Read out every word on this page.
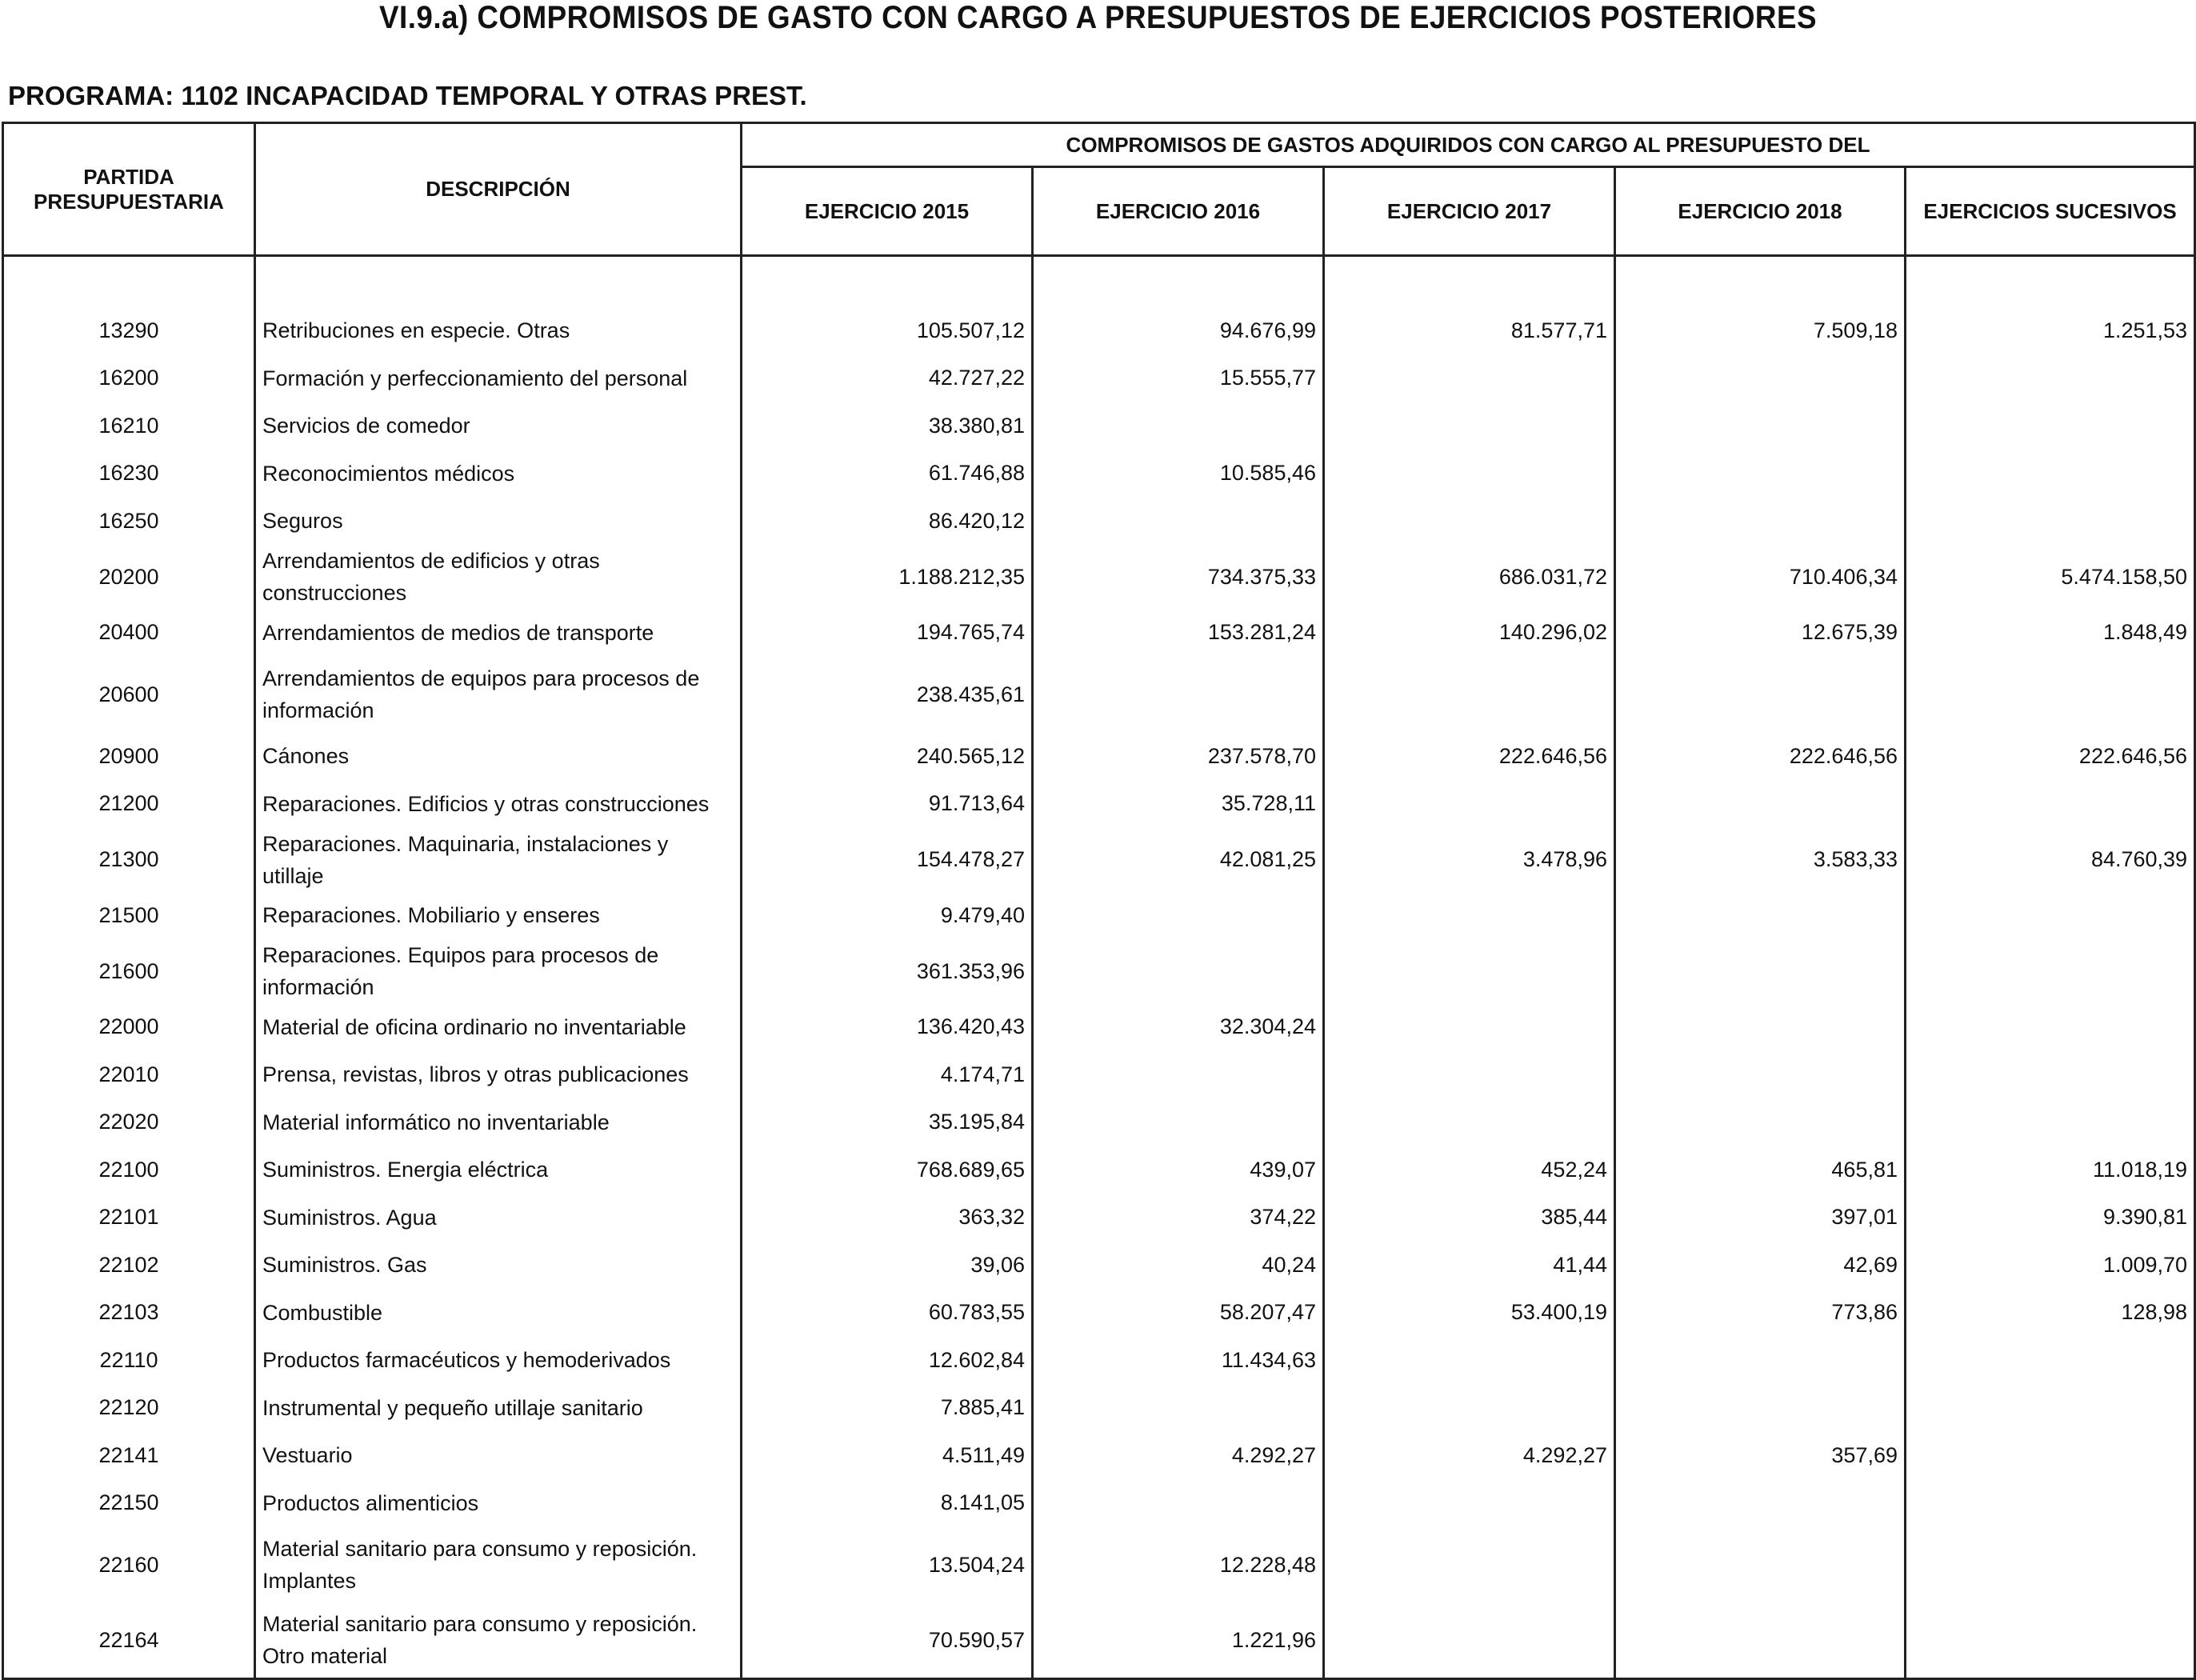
VI.9.a) COMPROMISOS DE GASTO CON CARGO A PRESUPUESTOS DE EJERCICIOS POSTERIORES
PROGRAMA: 1102 INCAPACIDAD TEMPORAL Y OTRAS PREST.
PARTIDA PRESUPUESTARIA	DESCRIPCIÓN	COMPROMISOS DE GASTOS ADQUIRIDOS CON CARGO AL PRESUPUESTO DEL				
		EJERCICIO 2015	EJERCICIO 2016	EJERCICIO 2017	EJERCICIO 2018	EJERCICIOS SUCESIVOS

13290	Retribuciones en especie. Otras	105.507,12	94.676,99	81.577,71	7.509,18	1.251,53
16200	Formación y perfeccionamiento del personal	42.727,22	15.555,77			
16210	Servicios de comedor	38.380,81				
16230	Reconocimientos médicos	61.746,88	10.585,46			
16250	Seguros	86.420,12				
20200	Arrendamientos de edificios y otras construcciones	1.188.212,35	734.375,33	686.031,72	710.406,34	5.474.158,50
20400	Arrendamientos de medios de transporte	194.765,74	153.281,24	140.296,02	12.675,39	1.848,49
20600	Arrendamientos de equipos para procesos de información	238.435,61				
20900	Cánones	240.565,12	237.578,70	222.646,56	222.646,56	222.646,56
21200	Reparaciones. Edificios y otras construcciones	91.713,64	35.728,11			
21300	Reparaciones. Maquinaria, instalaciones y utillaje	154.478,27	42.081,25	3.478,96	3.583,33	84.760,39
21500	Reparaciones. Mobiliario y enseres	9.479,40				
21600	Reparaciones. Equipos para procesos de información	361.353,96				
22000	Material de oficina ordinario no inventariable	136.420,43	32.304,24			
22010	Prensa, revistas, libros y otras publicaciones	4.174,71				
22020	Material informático no inventariable	35.195,84				
22100	Suministros. Energia eléctrica	768.689,65	439,07	452,24	465,81	11.018,19
22101	Suministros. Agua	363,32	374,22	385,44	397,01	9.390,81
22102	Suministros. Gas	39,06	40,24	41,44	42,69	1.009,70
22103	Combustible	60.783,55	58.207,47	53.400,19	773,86	128,98
22110	Productos farmacéuticos y hemoderivados	12.602,84	11.434,63			
22120	Instrumental y pequeño utillaje sanitario	7.885,41				
22141	Vestuario	4.511,49	4.292,27	4.292,27	357,69	
22150	Productos alimenticios	8.141,05				
22160	Material sanitario para consumo y reposición. Implantes	13.504,24	12.228,48			
22164	Material sanitario para consumo y reposición. Otro material	70.590,57	1.221,96			
